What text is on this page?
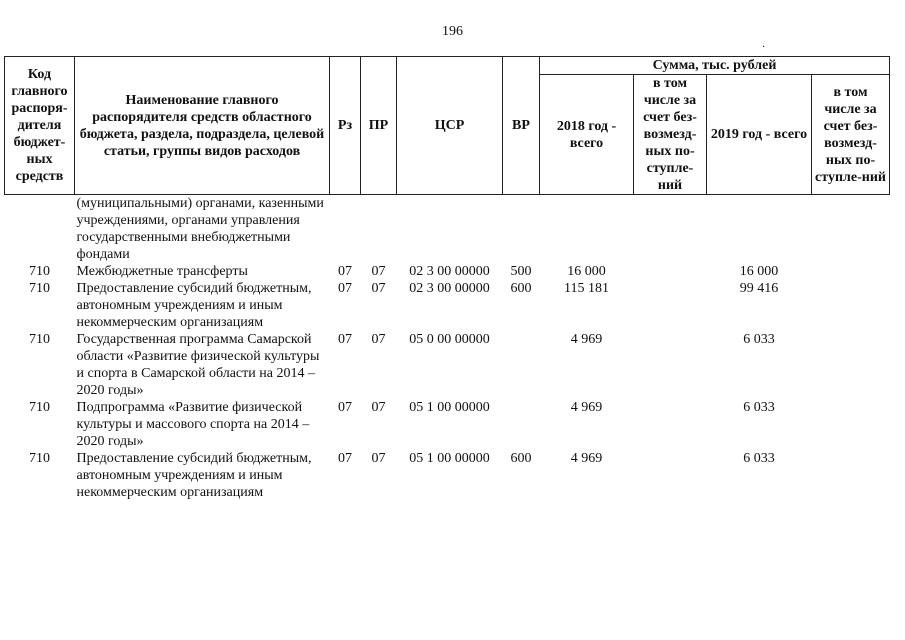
196
·
Код главного распоря-дителя бюджет-ных средств	Наименование главного распорядителя средств областного бюджета, раздела, подраздела, целевой статьи, группы видов расходов	Рз	ПР	ЦСР	ВР	Сумма, тыс. рублей			
						2018 год - всего	в том числе за счет без-возмезд-ных по-ступле-ний	2019 год - всего	в том числе за счет без-возмезд-ных по-ступле-ний
	(муниципальными) органами, казенными учреждениями, органами управления государственными внебюджетными фондами								
710	Межбюджетные трансферты	07	07	02 3 00 00000	500	16 000		16 000	
710	Предоставление субсидий бюджетным, автономным учреждениям и иным некоммерческим организациям	07	07	02 3 00 00000	600	115 181		99 416	
710	Государственная программа Самарской области «Развитие физической культуры и спорта в Самарской области на 2014 – 2020 годы»	07	07	05 0 00 00000		4 969		6 033	
710	Подпрограмма «Развитие физической культуры и массового спорта на 2014 – 2020 годы»	07	07	05 1 00 00000		4 969		6 033	
710	Предоставление субсидий бюджетным, автономным учреждениям и иным некоммерческим организациям	07	07	05 1 00 00000	600	4 969		6 033	
